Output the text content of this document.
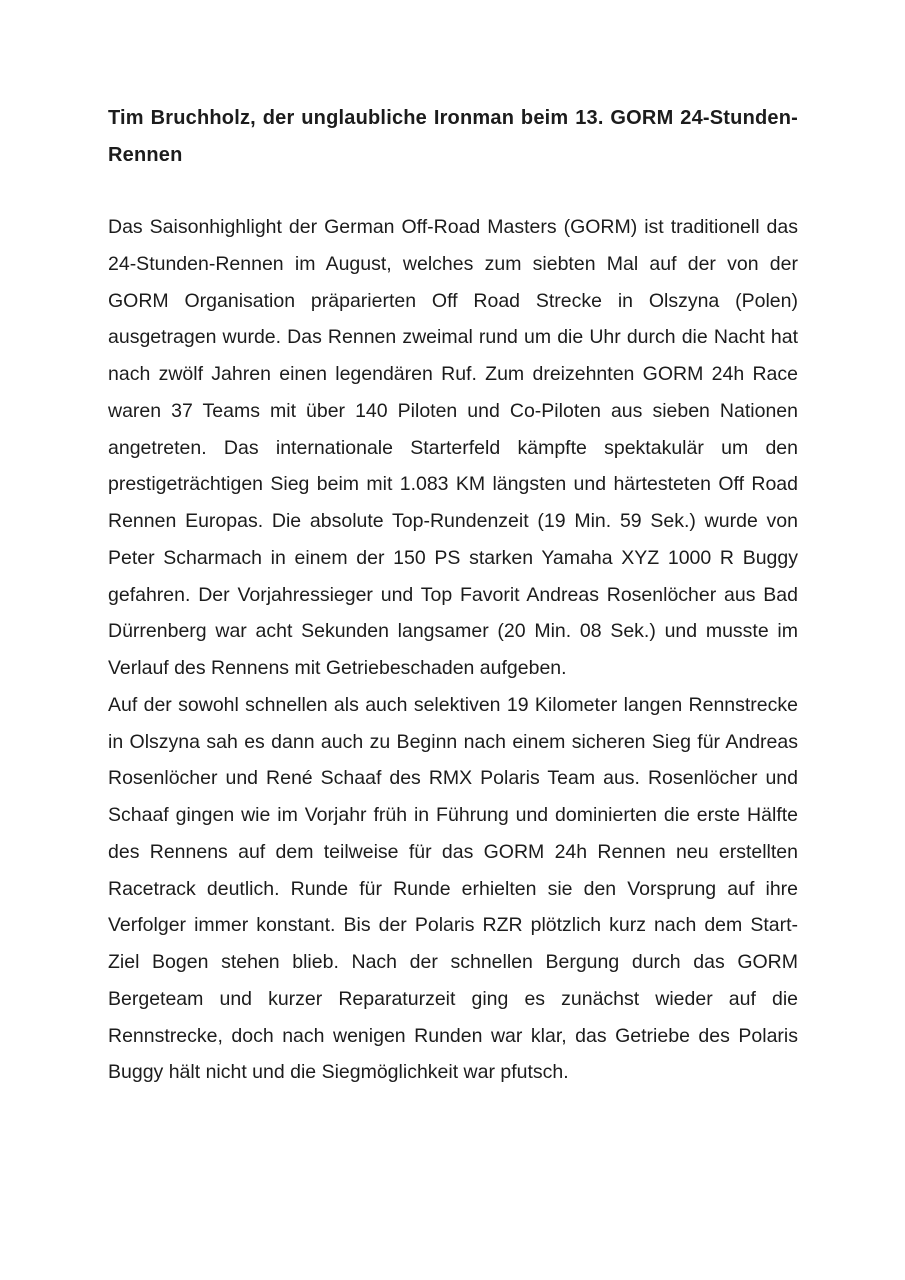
Tim Bruchholz, der unglaubliche Ironman beim 13. GORM 24-Stunden-Rennen

Das Saisonhighlight der German Off-Road Masters (GORM) ist traditionell das 24-Stunden-Rennen im August, welches zum siebten Mal auf der von der GORM Organisation präparierten Off Road Strecke in Olszyna (Polen) ausgetragen wurde. Das Rennen zweimal rund um die Uhr durch die Nacht hat nach zwölf Jahren einen legendären Ruf. Zum dreizehnten GORM 24h Race waren 37 Teams mit über 140 Piloten und Co-Piloten aus sieben Nationen angetreten. Das internationale Starterfeld kämpfte spektakulär um den prestigeträchtigen Sieg beim mit 1.083 KM längsten und härtesteten Off Road Rennen Europas. Die absolute Top-Rundenzeit (19 Min. 59 Sek.) wurde von Peter Scharmach in einem der 150 PS starken Yamaha XYZ 1000 R Buggy gefahren. Der Vorjahressieger und Top Favorit Andreas Rosenlöcher aus Bad Dürrenberg war acht Sekunden langsamer (20 Min. 08 Sek.) und musste im Verlauf des Rennens mit Getriebeschaden aufgeben.

Auf der sowohl schnellen als auch selektiven 19 Kilometer langen Rennstrecke in Olszyna sah es dann auch zu Beginn nach einem sicheren Sieg für Andreas Rosenlöcher und René Schaaf des RMX Polaris Team aus. Rosenlöcher und Schaaf gingen wie im Vorjahr früh in Führung und dominierten die erste Hälfte des Rennens auf dem teilweise für das GORM 24h Rennen neu erstellten Racetrack deutlich. Runde für Runde erhielten sie den Vorsprung auf ihre Verfolger immer konstant. Bis der Polaris RZR plötzlich kurz nach dem Start-Ziel Bogen stehen blieb. Nach der schnellen Bergung durch das GORM Bergeteam und kurzer Reparaturzeit ging es zunächst wieder auf die Rennstrecke, doch nach wenigen Runden war klar, das Getriebe des Polaris Buggy hält nicht und die Siegmöglichkeit war pfutsch.
